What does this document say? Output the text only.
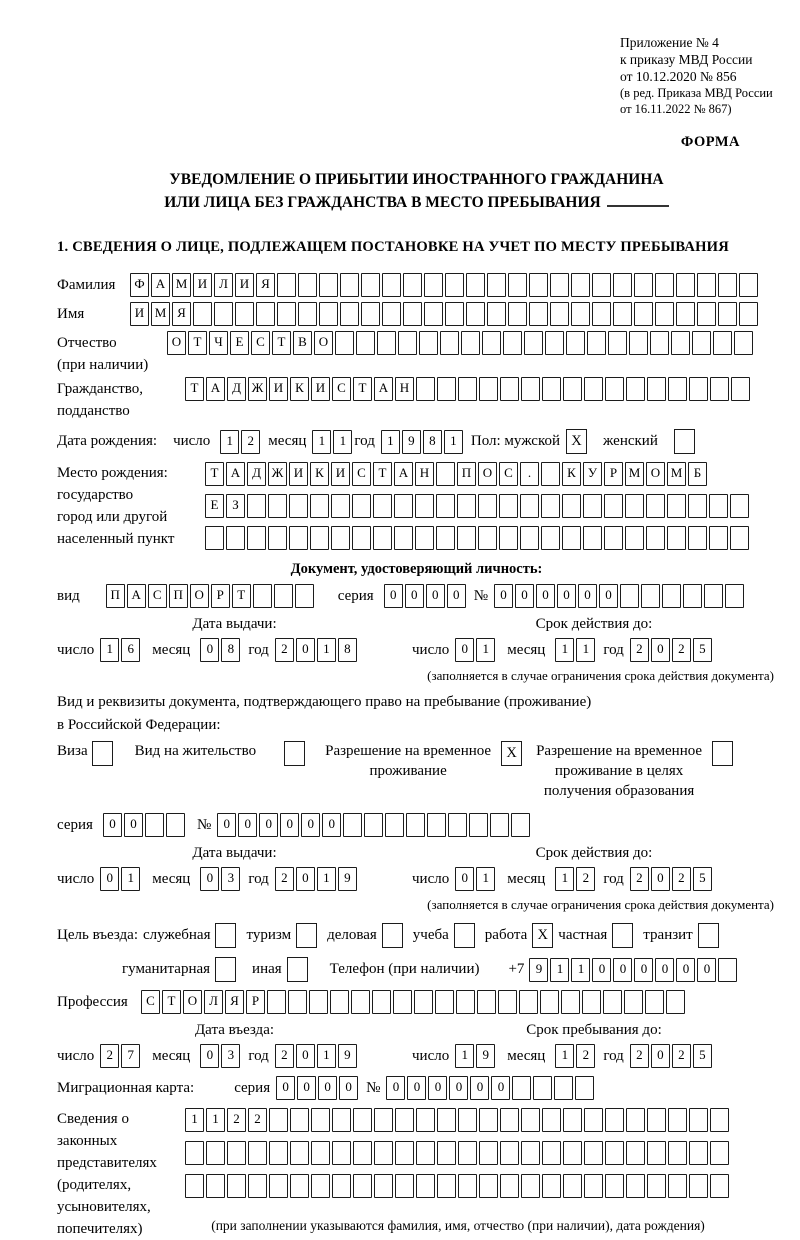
Приложение № 4
к приказу МВД России
от 10.12.2020 № 856
(в ред. Приказа МВД России
от 16.11.2022 № 867)
ФОРМА
УВЕДОМЛЕНИЕ О ПРИБЫТИИ ИНОСТРАННОГО ГРАЖДАНИНА
ИЛИ ЛИЦА БЕЗ ГРАЖДАНСТВА В МЕСТО ПРЕБЫВАНИЯ
1. СВЕДЕНИЯ О ЛИЦЕ, ПОДЛЕЖАЩЕМ ПОСТАНОВКЕ НА УЧЕТ ПО МЕСТУ ПРЕБЫВАНИЯ
Фамилия	Ф А М И Л И Я
Имя	И М Я
Отчество
(при наличии)
О Т Ч Е С Т В О
Гражданство,
подданство
Т А Д Ж И К И С Т А Н
Дата рождения: число	1	2 месяц 1	1 год 1	9	8	1 Пол: мужской X	женский
Место рождения:
государство
город или другой
населенный пункт
Т А Д Ж И К И С Т А Н	П О С	.	К У Р М О М Б
Е	З
Документ, удостоверяющий личность:
вид	П А С П О Р	Т	серия	0	0	0	0 № 0	0	0	0	0	0
Дата выдачи:	Срок действия до:
число 1	6	месяц	0	8 год 2	0	1	8	число 0	1	месяц	1	1 год 2	0	2	5
(заполняется в случае ограничения срока действия документа)
Вид и реквизиты документа, подтверждающего право на пребывание (проживание)
в Российской Федерации:
Виза	Вид на жительство	Разрешение на временное
проживание
X	Разрешение на временное
проживание в целях
получения образования
серия	0	0	№ 0	0	0	0	0	0
Дата выдачи:	Срок действия до:
число 0	1	месяц	0	3 год 2	0	1	9	число 0	1	месяц	1	2 год 2	0	2	5
(заполняется в случае ограничения срока действия документа)
Цель въезда: служебная туризм деловая учеба работа X частная транзит
гуманитарная	иная	Телефон (при наличии) +7 9	1	1	0	0	0	0	0	0
Профессия	С Т О Л Я	Р
Дата въезда:	Срок пребывания до:
число 2	7	месяц	0	3 год 2	0	1	9	число 1	9	месяц	1	2 год 2	0	2	5
Миграционная карта:	серия 0	0	0	0 № 0	0	0	0	0	0
Сведения о
законных
представителях
(родителях,
усыновителях,
попечителях)
1	1	2	2
(при заполнении указываются фамилия, имя, отчество (при наличии), дата рождения)
